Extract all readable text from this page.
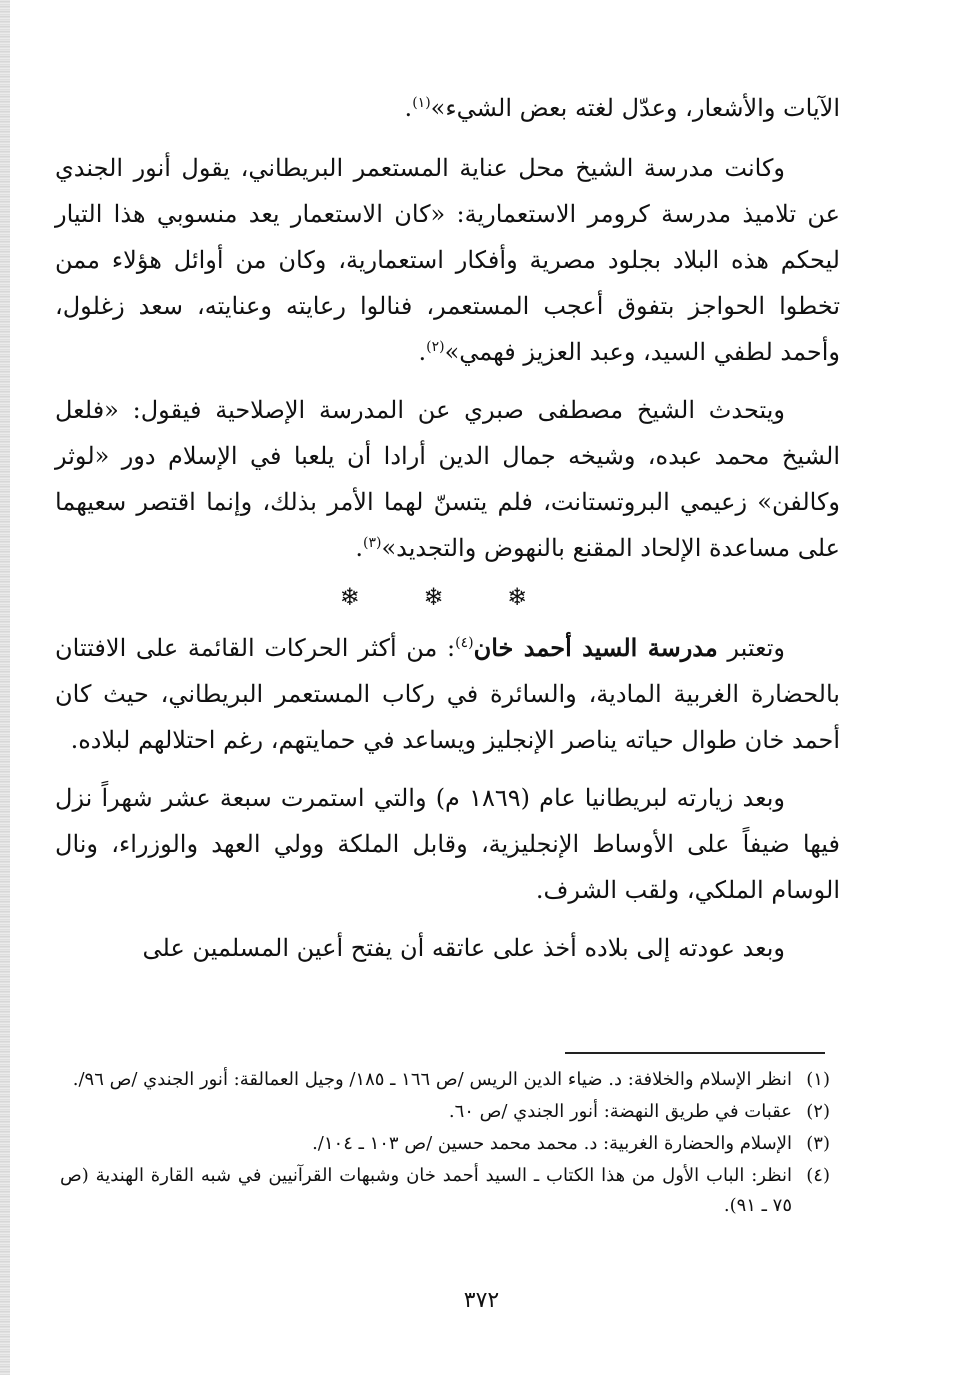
الآيات والأشعار، وعدّل لغته بعض الشيء»$^{(١)}$.

وكانت مدرسة الشيخ محل عناية المستعمر البريطاني، يقول أنور الجندي عن تلاميذ مدرسة كرومر الاستعمارية: «كان الاستعمار يعد منسوبي هذا التيار ليحكم هذه البلاد بجلود مصرية وأفكار استعمارية، وكان من أوائل هؤلاء ممن تخطوا الحواجز بتفوق أعجب المستعمر، فنالوا رعايته وعنايته، سعد زغلول، وأحمد لطفي السيد، وعبد العزيز فهمي»$^{(٢)}$.

ويتحدث الشيخ مصطفى صبري عن المدرسة الإصلاحية فيقول: «فلعل الشيخ محمد عبده، وشيخه جمال الدين أرادا أن يلعبا في الإسلام دور «لوثر وكالفن» زعيمي البروتستانت، فلم يتسنّ لهما الأمر بذلك، وإنما اقتصر سعيهما على مساعدة الإلحاد المقنع بالنهوض والتجديد»$^{(٣)}$.

❄ ❄ ❄

وتعتبر مدرسة السيد أحمد خان$^{(٤)}$: من أكثر الحركات القائمة على الافتتان بالحضارة الغربية المادية، والسائرة في ركاب المستعمر البريطاني، حيث كان أحمد خان طوال حياته يناصر الإنجليز ويساعد في حمايتهم، رغم احتلالهم لبلاده.

وبعد زيارته لبريطانيا عام (١٨٦٩ م) والتي استمرت سبعة عشر شهراً نزل فيها ضيفاً على الأوساط الإنجليزية، وقابل الملكة وولي العهد والوزراء، ونال الوسام الملكي، ولقب الشرف.

وبعد عودته إلى بلاده أخذ على عاتقه أن يفتح أعين المسلمين على

(١)
انظر الإسلام والخلافة: د. ضياء الدين الريس /ص ١٦٦ ـ ١٨٥/ وجيل العمالقة: أنور الجندي /ص ٩٦/.
(٢)
عقبات في طريق النهضة: أنور الجندي /ص ٦٠.
(٣)
الإسلام والحضارة الغربية: د. محمد محمد حسين /ص ١٠٣ ـ ١٠٤/.
(٤)
انظر: الباب الأول من هذا الكتاب ـ السيد أحمد خان وشبهات القرآنيين في شبه القارة الهندية (ص ٧٥ ـ ٩١).
٣٧٢
